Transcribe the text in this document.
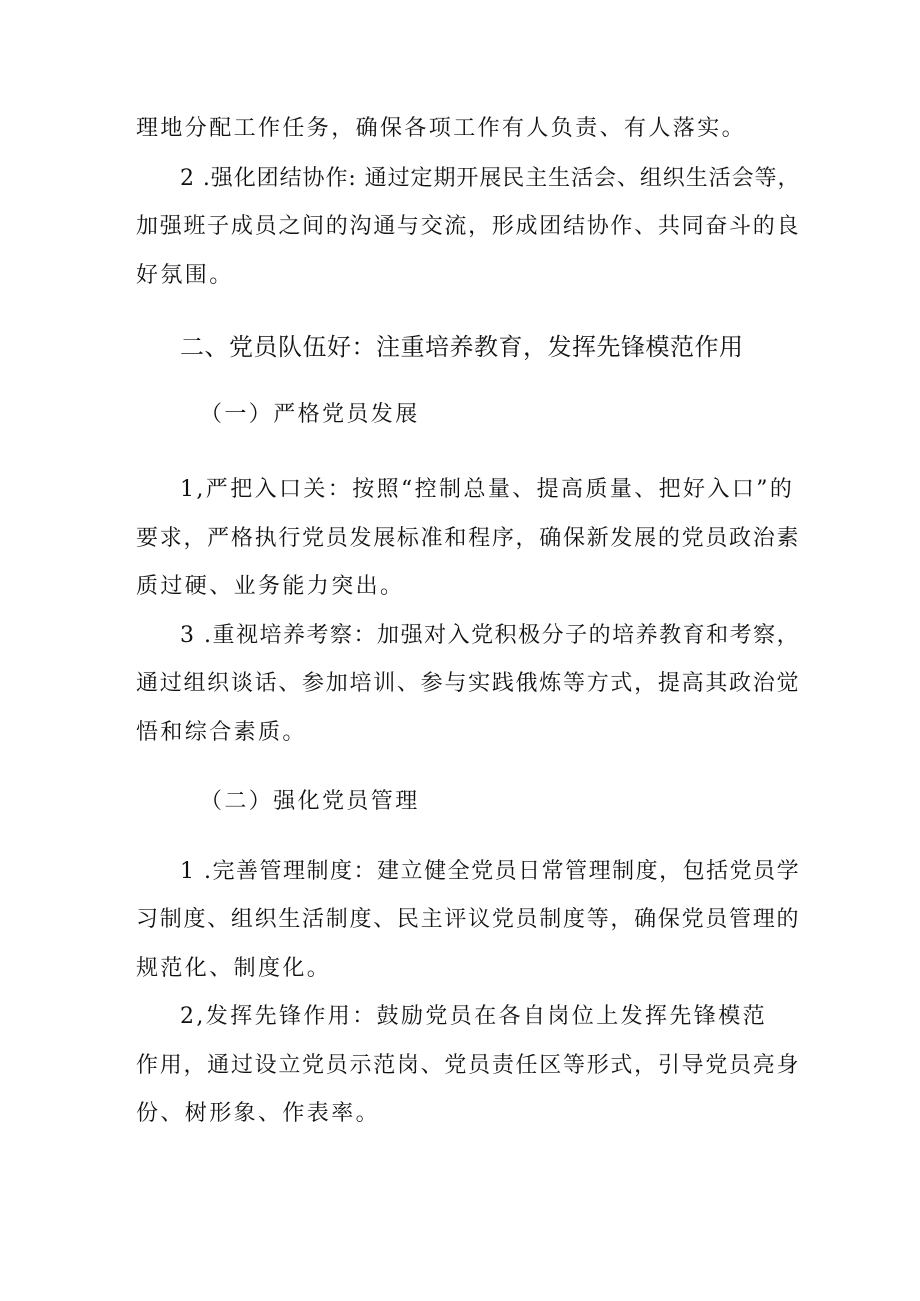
理地分配工作任务，确保各项工作有人负责、有人落实。
2 .强化团结协作: 通过定期开展民主生活会、组织生活会等，
加强班子成员之间的沟通与交流，形成团结协作、共同奋斗的良
好氛围。
二、党员队伍好：注重培养教育，发挥先锋模范作用
（一）严格党员发展
1,严把入口关：按照“控制总量、提高质量、把好入口”的
要求，严格执行党员发展标准和程序，确保新发展的党员政治素
质过硬、业务能力突出。
3 .重视培养考察：加强对入党积极分子的培养教育和考察，
通过组织谈话、参加培训、参与实践俄炼等方式，提高其政治觉
悟和综合素质。
（二）强化党员管理
1 .完善管理制度：建立健全党员日常管理制度，包括党员学
习制度、组织生活制度、民主评议党员制度等，确保党员管理的
规范化、制度化。
2,发挥先锋作用：鼓励党员在各自岗位上发挥先锋模范
作用，通过设立党员示范岗、党员责任区等形式，引导党员亮身
份、树形象、作表率。
